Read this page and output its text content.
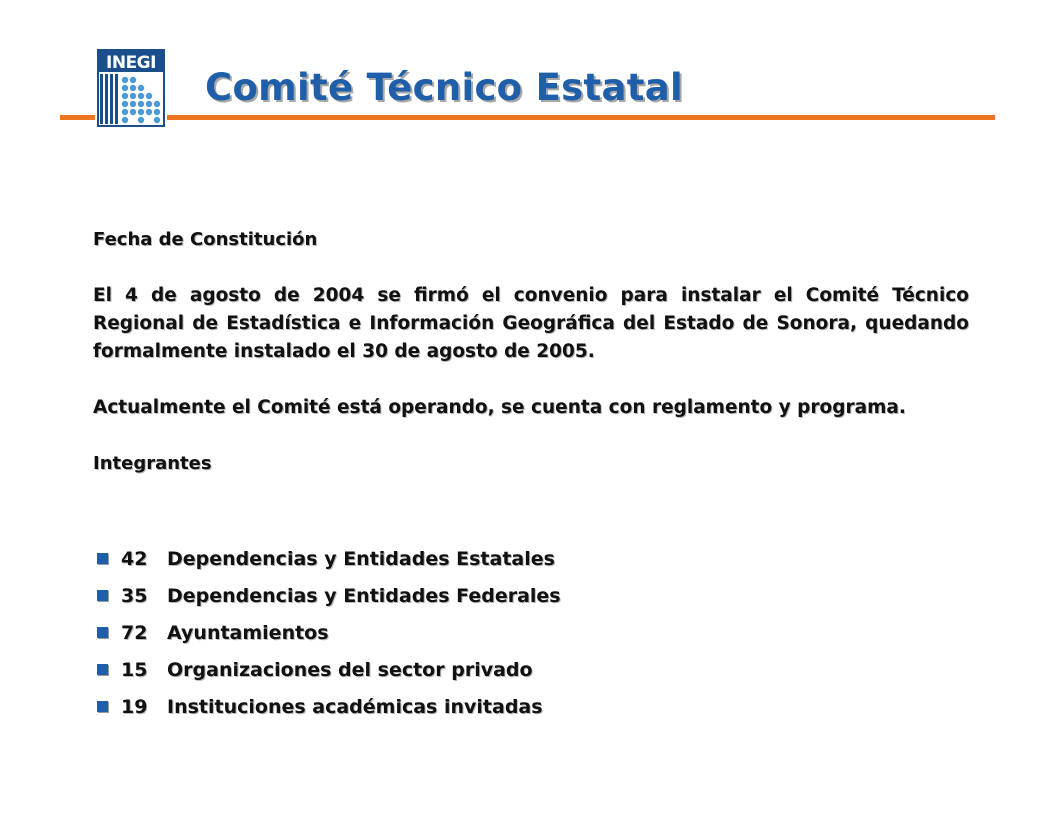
INEGI
Comité Técnico Estatal
Fecha de Constitución

El 4 de agosto de 2004 se firmó el convenio para instalar el Comité Técnico Regional de Estadística e Información Geográfica del Estado de Sonora, quedando formalmente instalado el 30 de agosto de 2005.

Actualmente el Comité está operando, se cuenta con reglamento y programa.

Integrantes
42	Dependencias y Entidades Estatales
35	Dependencias y Entidades Federales
72	Ayuntamientos
15	Organizaciones del sector privado
19	Instituciones académicas invitadas
